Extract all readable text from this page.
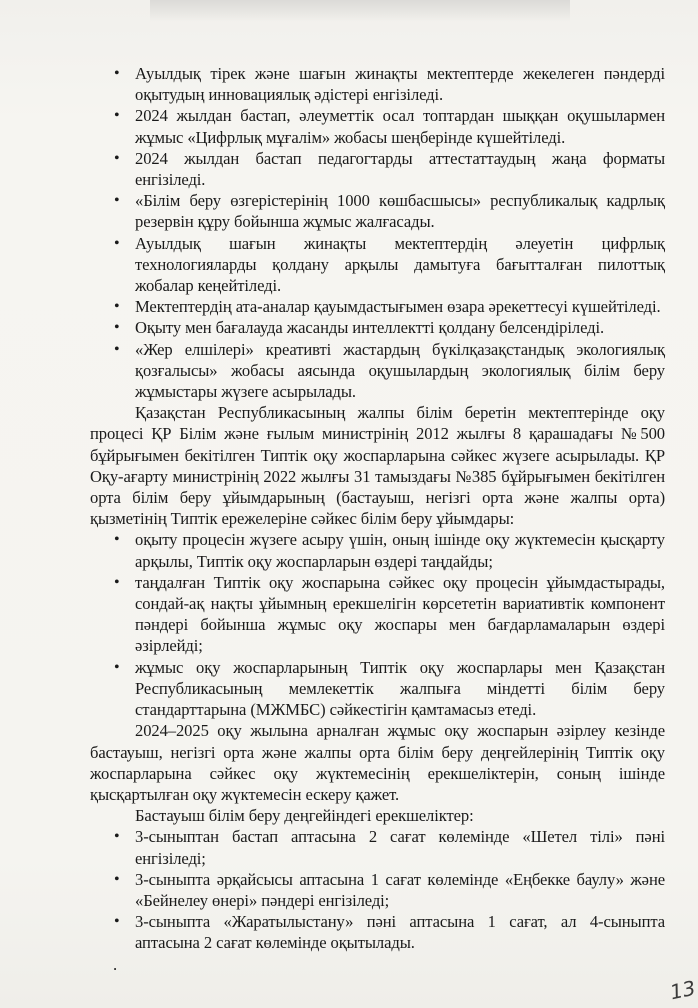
• Ауылдық тірек және шағын жинақты мектептерде жекелеген пәндерді оқытудың инновациялық әдістері енгізіледі.
• 2024 жылдан бастап, әлеуметтік осал топтардан шыққан оқушылармен жұмыс «Цифрлық мұғалім» жобасы шеңберінде күшейтіледі.
• 2024 жылдан бастап педагогтарды аттестаттаудың жаңа форматы енгізіледі.
• «Білім беру өзгерістерінің 1000 көшбасшысы» республикалық кадрлық резервін құру бойынша жұмыс жалғасады.
• Ауылдық шағын жинақты мектептердің әлеуетін цифрлық технологияларды қолдану арқылы дамытуға бағытталған пилоттық жобалар кеңейтіледі.
• Мектептердің ата-аналар қауымдастығымен өзара әрекеттесуі күшейтіледі.
• Оқыту мен бағалауда жасанды интеллектті қолдану белсендіріледі.
• «Жер елшілері» креативті жастардың бүкілқазақстандық экологиялық қозғалысы» жобасы аясында оқушылардың экологиялық білім беру жұмыстары жүзеге асырылады.

Қазақстан Республикасының жалпы білім беретін мектептерінде оқу процесі ҚР Білім және ғылым министрінің 2012 жылғы 8 қарашадағы №500 бұйрығымен бекітілген Типтік оқу жоспарларына сәйкес жүзеге асырылады. ҚР Оқу-ағарту министрінің 2022 жылғы 31 тамыздағы №385 бұйрығымен бекітілген орта білім беру ұйымдарының (бастауыш, негізгі орта және жалпы орта) қызметінің Типтік ережелеріне сәйкес білім беру ұйымдары:

• оқыту процесін жүзеге асыру үшін, оның ішінде оқу жүктемесін қысқарту арқылы, Типтік оқу жоспарларын өздері таңдайды;
• таңдалған Типтік оқу жоспарына сәйкес оқу процесін ұйымдастырады, сондай-ақ нақты ұйымның ерекшелігін көрсететін вариативтік компонент пәндері бойынша жұмыс оқу жоспары мен бағдарламаларын өздері әзірлейді;
• жұмыс оқу жоспарларының Типтік оқу жоспарлары мен Қазақстан Республикасының мемлекеттік жалпыға міндетті білім беру стандарттарына (МЖМБС) сәйкестігін қамтамасыз етеді.

2024–2025 оқу жылына арналған жұмыс оқу жоспарын әзірлеу кезінде бастауыш, негізгі орта және жалпы орта білім беру деңгейлерінің Типтік оқу жоспарларына сәйкес оқу жүктемесінің ерекшеліктерін, соның ішінде қысқартылған оқу жүктемесін ескеру қажет.

Бастауыш білім беру деңгейіндегі ерекшеліктер:

• 3-сыныптан бастап аптасына 2 сағат көлемінде «Шетел тілі» пәні енгізіледі;
• 3-сыныпта әрқайсысы аптасына 1 сағат көлемінде «Еңбекке баулу» және «Бейнелеу өнері» пәндері енгізіледі;
• 3-сыныпта «Жаратылыстану» пәні аптасына 1 сағат, ал 4-сыныпта аптасына 2 сағат көлемінде оқытылады.
.
13
